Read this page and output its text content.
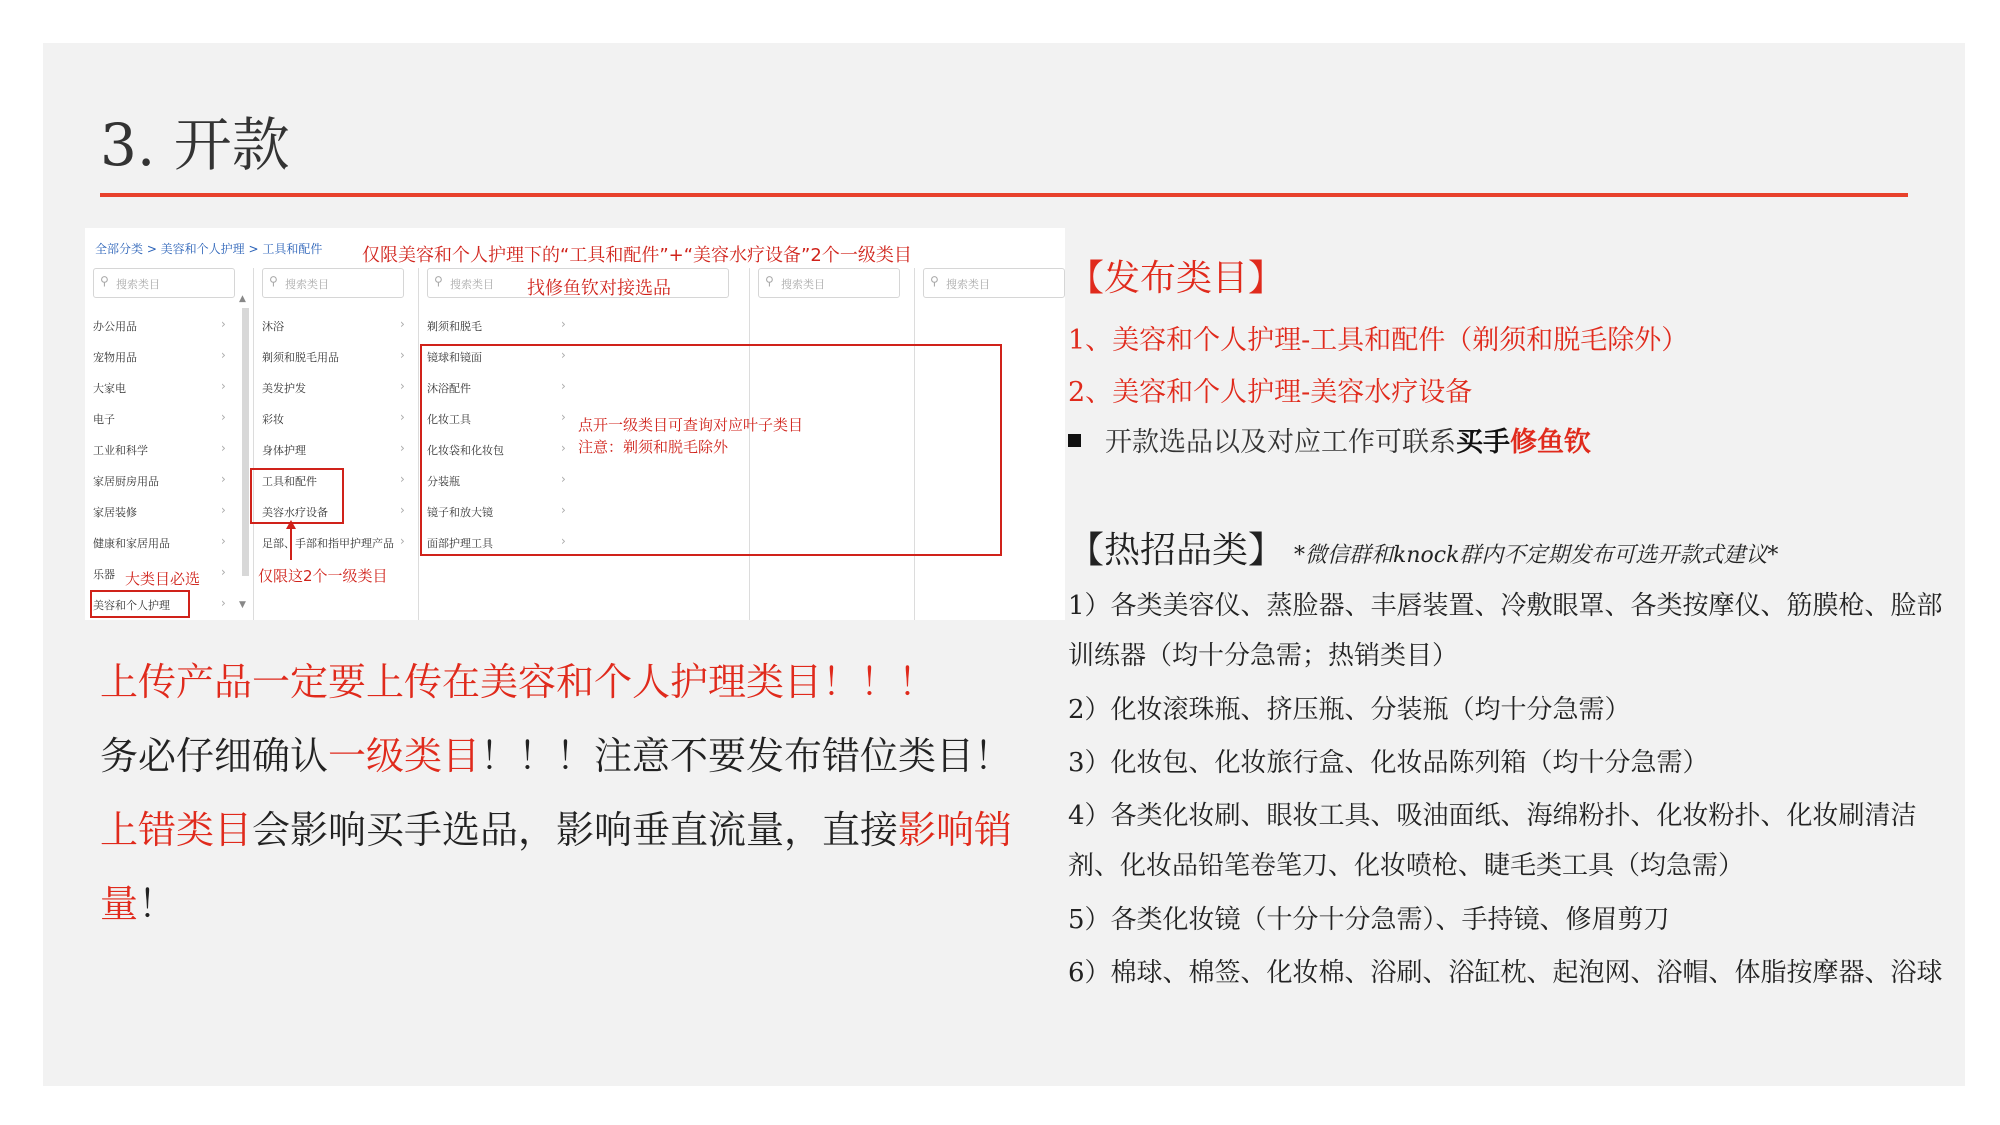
3. 开款
全部分类 > 美容和个人护理 > 工具和配件
⚲ 搜索类目
办公用品
宠物用品
大家电
电子
工业和科学
家居厨房用品
家居装修
健康和家居用品
乐器
美容和个人护理
›
›
›
›
›
›
›
›
›
›
▲
▼
⚲ 搜索类目
沐浴
剃须和脱毛用品
美发护发
彩妆
身体护理
工具和配件
美容水疗设备
足部、手部和指甲护理产品
›
›
›
›
›
›
›
›
⚲ 搜索类目
剃须和脱毛
镜球和镜面
沐浴配件
化妆工具
化妆袋和化妆包
分装瓶
镜子和放大镜
面部护理工具
›
›
›
›
›
›
›
›
⚲ 搜索类目	⚲ 搜索类目
仅限美容和个人护理下的“工具和配件”+“美容水疗设备”2个一级类目
找修鱼钦对接选品
点开一级类目可查询对应叶子类目
注意：剃须和脱毛除外
大类目必选	仅限这2个一级类目
上传产品一定要上传在美容和个人护理类目！！！
务必仔细确认一级类目！！！注意不要发布错位类目！
上错类目会影响买手选品，影响垂直流量，直接影响销量！
【发布类目】
1、美容和个人护理-工具和配件（剃须和脱毛除外）
2、美容和个人护理-美容水疗设备
开款选品以及对应工作可联系买手修鱼钦
【热招品类】 *微信群和knock群内不定期发布可选开款式建议*
1）各类美容仪、蒸脸器、丰唇装置、冷敷眼罩、各类按摩仪、筋膜枪、脸部训练器（均十分急需；热销类目）
2）化妆滚珠瓶、挤压瓶、分装瓶（均十分急需）
3）化妆包、化妆旅行盒、化妆品陈列箱（均十分急需）
4）各类化妆刷、眼妆工具、吸油面纸、海绵粉扑、化妆粉扑、化妆刷清洁剂、化妆品铅笔卷笔刀、化妆喷枪、睫毛类工具（均急需）
5）各类化妆镜（十分十分急需）、手持镜、修眉剪刀
6）棉球、棉签、化妆棉、浴刷、浴缸枕、起泡网、浴帽、体脂按摩器、浴球
